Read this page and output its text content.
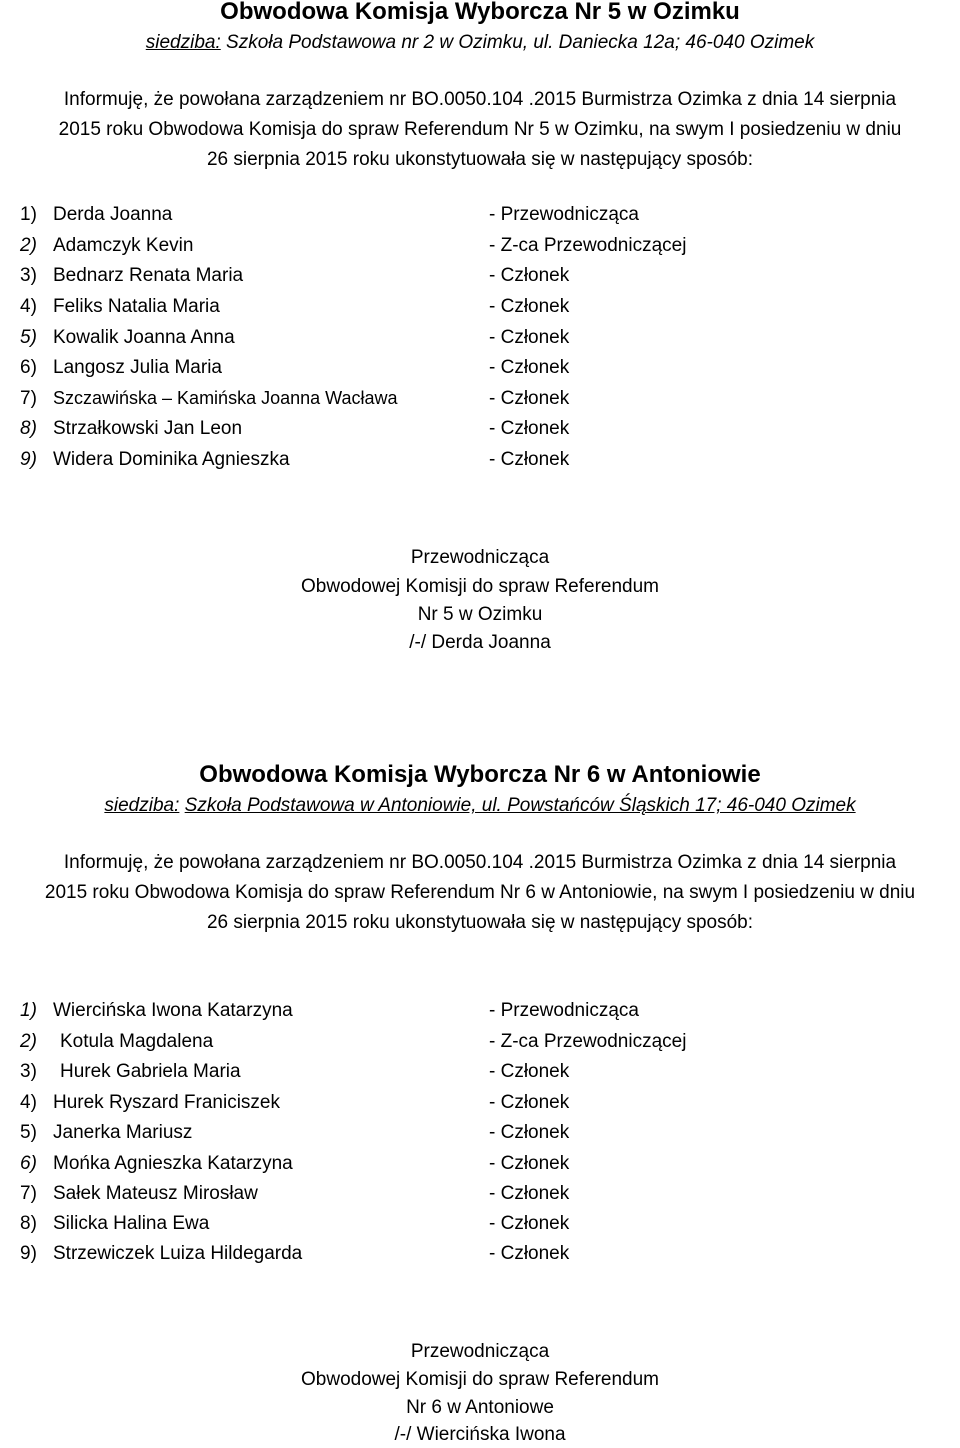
Obwodowa Komisja Wyborcza Nr 5 w Ozimku
siedziba: Szkoła Podstawowa nr 2 w Ozimku, ul. Daniecka 12a; 46-040 Ozimek
Informuję, że powołana zarządzeniem nr BO.0050.104 .2015 Burmistrza Ozimka z dnia 14 sierpnia
2015 roku Obwodowa Komisja do spraw Referendum Nr 5 w Ozimku, na swym I posiedzeniu w dniu
26 sierpnia 2015 roku ukonstytuowała się w następujący sposób:
1) Derda Joanna	- Przewodnicząca
2) Adamczyk Kevin	- Z-ca Przewodniczącej
3) Bednarz Renata Maria	- Członek
4) Feliks Natalia Maria	- Członek
5) Kowalik Joanna Anna	- Członek
6) Langosz Julia Maria	- Członek
7) Szczawińska – Kamińska Joanna Wacława	- Członek
8) Strzałkowski Jan Leon	- Członek
9) Widera Dominika Agnieszka	- Członek
Przewodnicząca
Obwodowej Komisji do spraw Referendum
Nr 5 w Ozimku
/-/ Derda Joanna
Obwodowa Komisja Wyborcza Nr 6 w Antoniowie
siedziba: Szkoła Podstawowa w Antoniowie, ul. Powstańców Śląskich 17; 46-040 Ozimek
Informuję, że powołana zarządzeniem nr BO.0050.104 .2015 Burmistrza Ozimka z dnia 14 sierpnia
2015 roku Obwodowa Komisja do spraw Referendum Nr 6 w Antoniowie, na swym I posiedzeniu w dniu
26 sierpnia 2015 roku ukonstytuowała się w następujący sposób:
1) Wiercińska Iwona Katarzyna	- Przewodnicząca
2) Kotula Magdalena	- Z-ca Przewodniczącej
3) Hurek Gabriela Maria	- Członek
4) Hurek Ryszard Franiciszek	- Członek
5) Janerka Mariusz	- Członek
6) Mońka Agnieszka Katarzyna	- Członek
7) Sałek Mateusz Mirosław	- Członek
8) Silicka Halina Ewa	- Członek
9) Strzewiczek Luiza Hildegarda	- Członek
Przewodnicząca
Obwodowej Komisji do spraw Referendum
Nr 6 w Antoniowe
/-/ Wiercińska Iwona
